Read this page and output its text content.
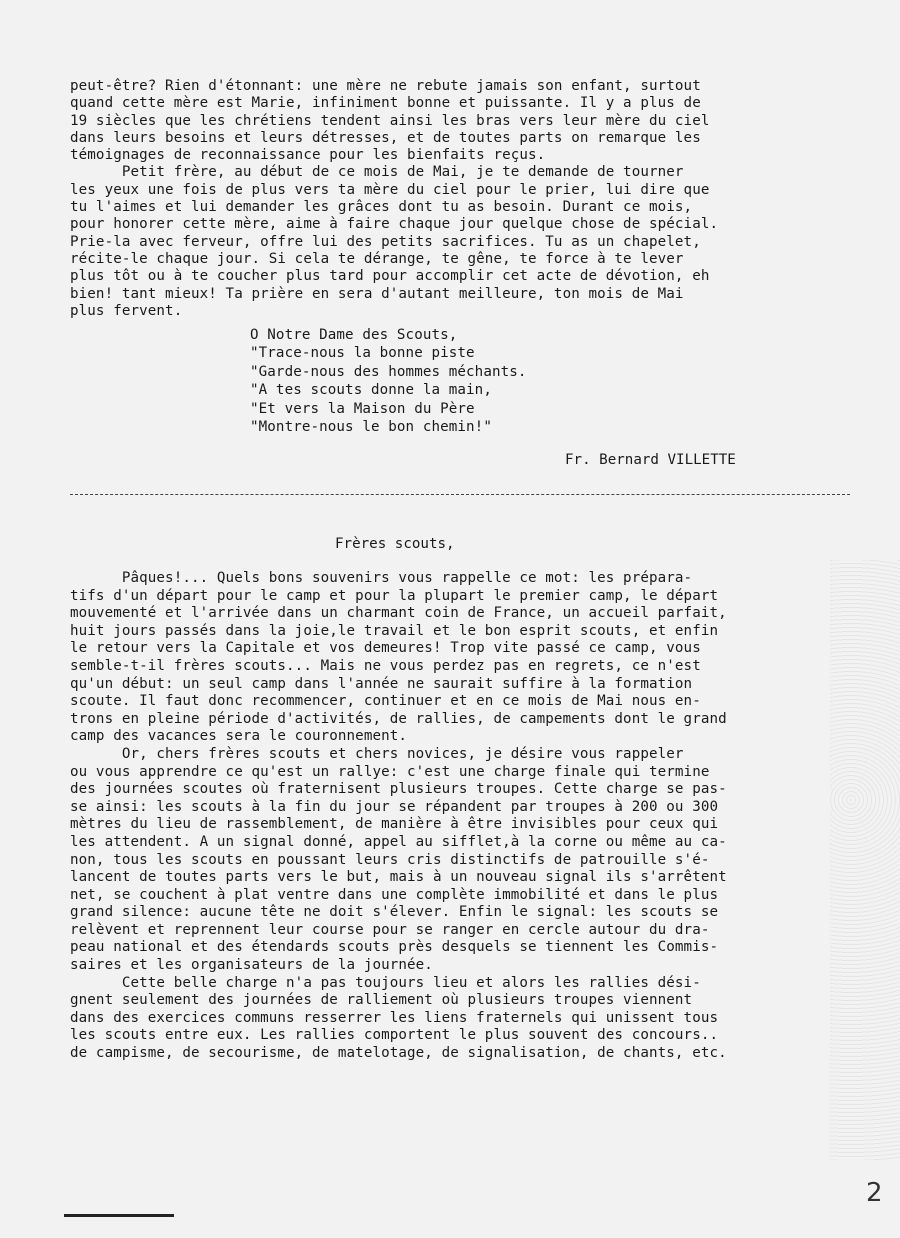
peut-être? Rien d'étonnant: une mère ne rebute jamais son enfant, surtout
quand cette mère est Marie, infiniment bonne et puissante. Il y a plus de
19 siècles que les chrétiens tendent ainsi les bras vers leur mère du ciel
dans leurs besoins et leurs détresses, et de toutes parts on remarque les
témoignages de reconnaissance pour les bienfaits reçus.
Petit frère, au début de ce mois de Mai, je te demande de tourner
les yeux une fois de plus vers ta mère du ciel pour le prier, lui dire que
tu l'aimes et lui demander les grâces dont tu as besoin. Durant ce mois,
pour honorer cette mère, aime à faire chaque jour quelque chose de spécial.
Prie-la avec ferveur, offre lui des petits sacrifices. Tu as un chapelet,
récite-le chaque jour. Si cela te dérange, te gêne, te force à te lever
plus tôt ou à te coucher plus tard pour accomplir cet acte de dévotion, eh
bien! tant mieux! Ta prière en sera d'autant meilleure, ton mois de Mai
plus fervent.
O Notre Dame des Scouts,
"Trace-nous la bonne piste
"Garde-nous des hommes méchants.
"A tes scouts donne la main,
"Et vers la Maison du Père
"Montre-nous le bon chemin!"
Fr. Bernard VILLETTE
Frères scouts,
Pâques!... Quels bons souvenirs vous rappelle ce mot: les prépara-
tifs d'un départ pour le camp et pour la plupart le premier camp, le départ
mouvementé et l'arrivée dans un charmant coin de France, un accueil parfait,
huit jours passés dans la joie,le travail et le bon esprit scouts, et enfin
le retour vers la Capitale et vos demeures! Trop vite passé ce camp, vous
semble-t-il frères scouts... Mais ne vous perdez pas en regrets, ce n'est
qu'un début: un seul camp dans l'année ne saurait suffire à la formation
scoute. Il faut donc recommencer, continuer et en ce mois de Mai nous en-
trons en pleine période d'activités, de rallies, de campements dont le grand
camp des vacances sera le couronnement.
Or, chers frères scouts et chers novices, je désire vous rappeler
ou vous apprendre ce qu'est un rallye: c'est une charge finale qui termine
des journées scoutes où fraternisent plusieurs troupes. Cette charge se pas-
se ainsi: les scouts à la fin du jour se répandent par troupes à 200 ou 300
mètres du lieu de rassemblement, de manière à être invisibles pour ceux qui
les attendent. A un signal donné, appel au sifflet,à la corne ou même au ca-
non, tous les scouts en poussant leurs cris distinctifs de patrouille s'é-
lancent de toutes parts vers le but, mais à un nouveau signal ils s'arrêtent
net, se couchent à plat ventre dans une complète immobilité et dans le plus
grand silence: aucune tête ne doit s'élever. Enfin le signal: les scouts se
relèvent et reprennent leur course pour se ranger en cercle autour du dra-
peau national et des étendards scouts près desquels se tiennent les Commis-
saires et les organisateurs de la journée.
Cette belle charge n'a pas toujours lieu et alors les rallies dési-
gnent seulement des journées de ralliement où plusieurs troupes viennent
dans des exercices communs resserrer les liens fraternels qui unissent tous
les scouts entre eux. Les rallies comportent le plus souvent des concours..
de campisme, de secourisme, de matelotage, de signalisation, de chants, etc.
2
